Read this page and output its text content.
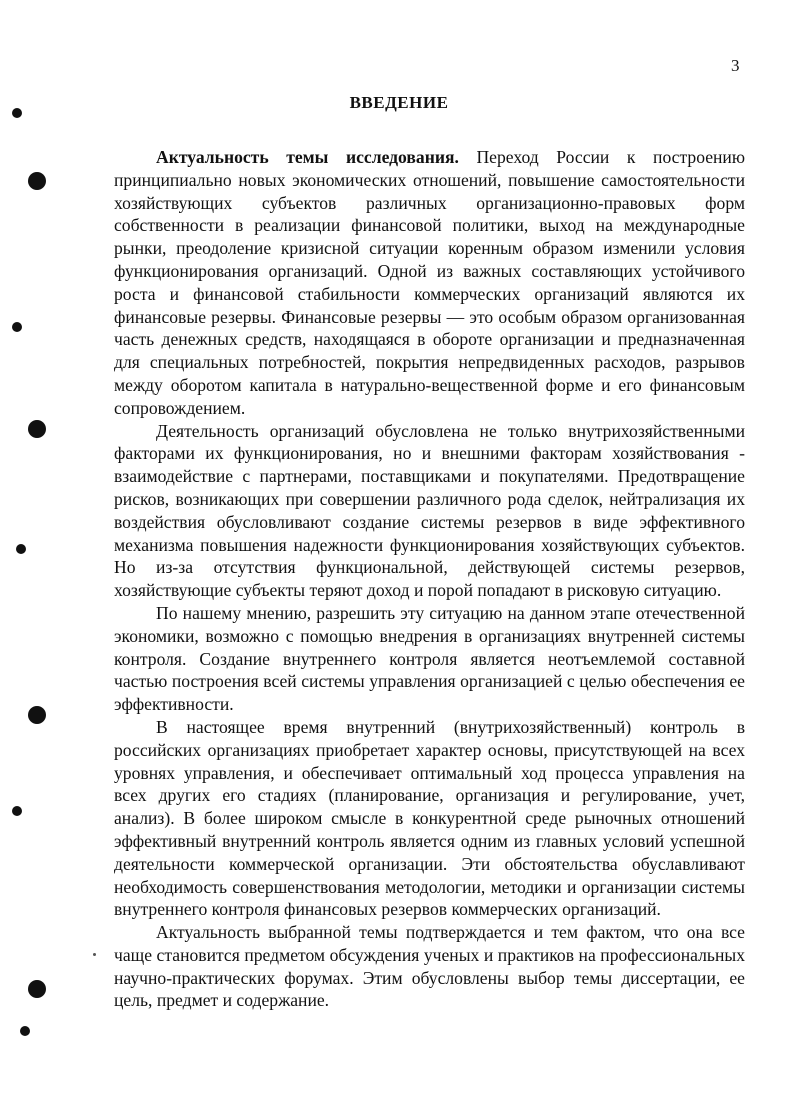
3
ВВЕДЕНИЕ

Актуальность темы исследования. Переход России к построению принципиально новых экономических отношений, повышение самостоятельности хозяйствующих субъектов различных организационно-правовых форм собственности в реализации финансовой политики, выход на международные рынки, преодоление кризисной ситуации коренным образом изменили условия функционирования организаций. Одной из важных составляющих устойчивого роста и финансовой стабильности коммерческих организаций являются их финансовые резервы. Финансовые резервы — это особым образом организованная часть денежных средств, находящаяся в обороте организации и предназначенная для специальных потребностей, покрытия непредвиденных расходов, разрывов между оборотом капитала в натурально-вещественной форме и его финансовым сопровождением.

Деятельность организаций обусловлена не только внутрихозяйственными факторами их функционирования, но и внешними факторам хозяйствования - взаимодействие с партнерами, поставщиками и покупателями. Предотвращение рисков, возникающих при совершении различного рода сделок, нейтрализация их воздействия обусловливают создание системы резервов в виде эффективного механизма повышения надежности функционирования хозяйствующих субъектов. Но из-за отсутствия функциональной, действующей системы резервов, хозяйствующие субъекты теряют доход и порой попадают в рисковую ситуацию.

По нашему мнению, разрешить эту ситуацию на данном этапе отечественной экономики, возможно с помощью внедрения в организациях внутренней системы контроля. Создание внутреннего контроля является неотъемлемой составной частью построения всей системы управления организацией с целью обеспечения ее эффективности.

В настоящее время внутренний (внутрихозяйственный) контроль в российских организациях приобретает характер основы, присутствующей на всех уровнях управления, и обеспечивает оптимальный ход процесса управления на всех других его стадиях (планирование, организация и регулирование, учет, анализ). В более широком смысле в конкурентной среде рыночных отношений эффективный внутренний контроль является одним из главных условий успешной деятельности коммерческой организации. Эти обстоятельства обуславливают необходимость совершенствования методологии, методики и организации системы внутреннего контроля финансовых резервов коммерческих организаций.

Актуальность выбранной темы подтверждается и тем фактом, что она все чаще становится предметом обсуждения ученых и практиков на профессиональных научно-практических форумах. Этим обусловлены выбор темы диссертации, ее цель, предмет и содержание.
